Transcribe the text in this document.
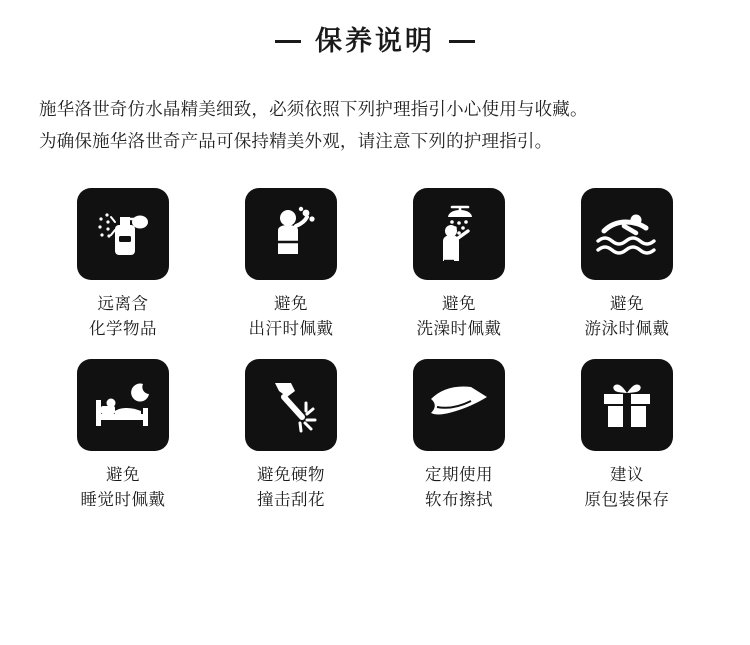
保养说明
施华洛世奇仿水晶精美细致，必须依照下列护理指引小心使用与收藏。
为确保施华洛世奇产品可保持精美外观，请注意下列的护理指引。
远离含
化学物品
避免
出汗时佩戴
避免
洗澡时佩戴
避免
游泳时佩戴
避免
睡觉时佩戴
避免硬物
撞击刮花
定期使用
软布擦拭
建议
原包装保存
